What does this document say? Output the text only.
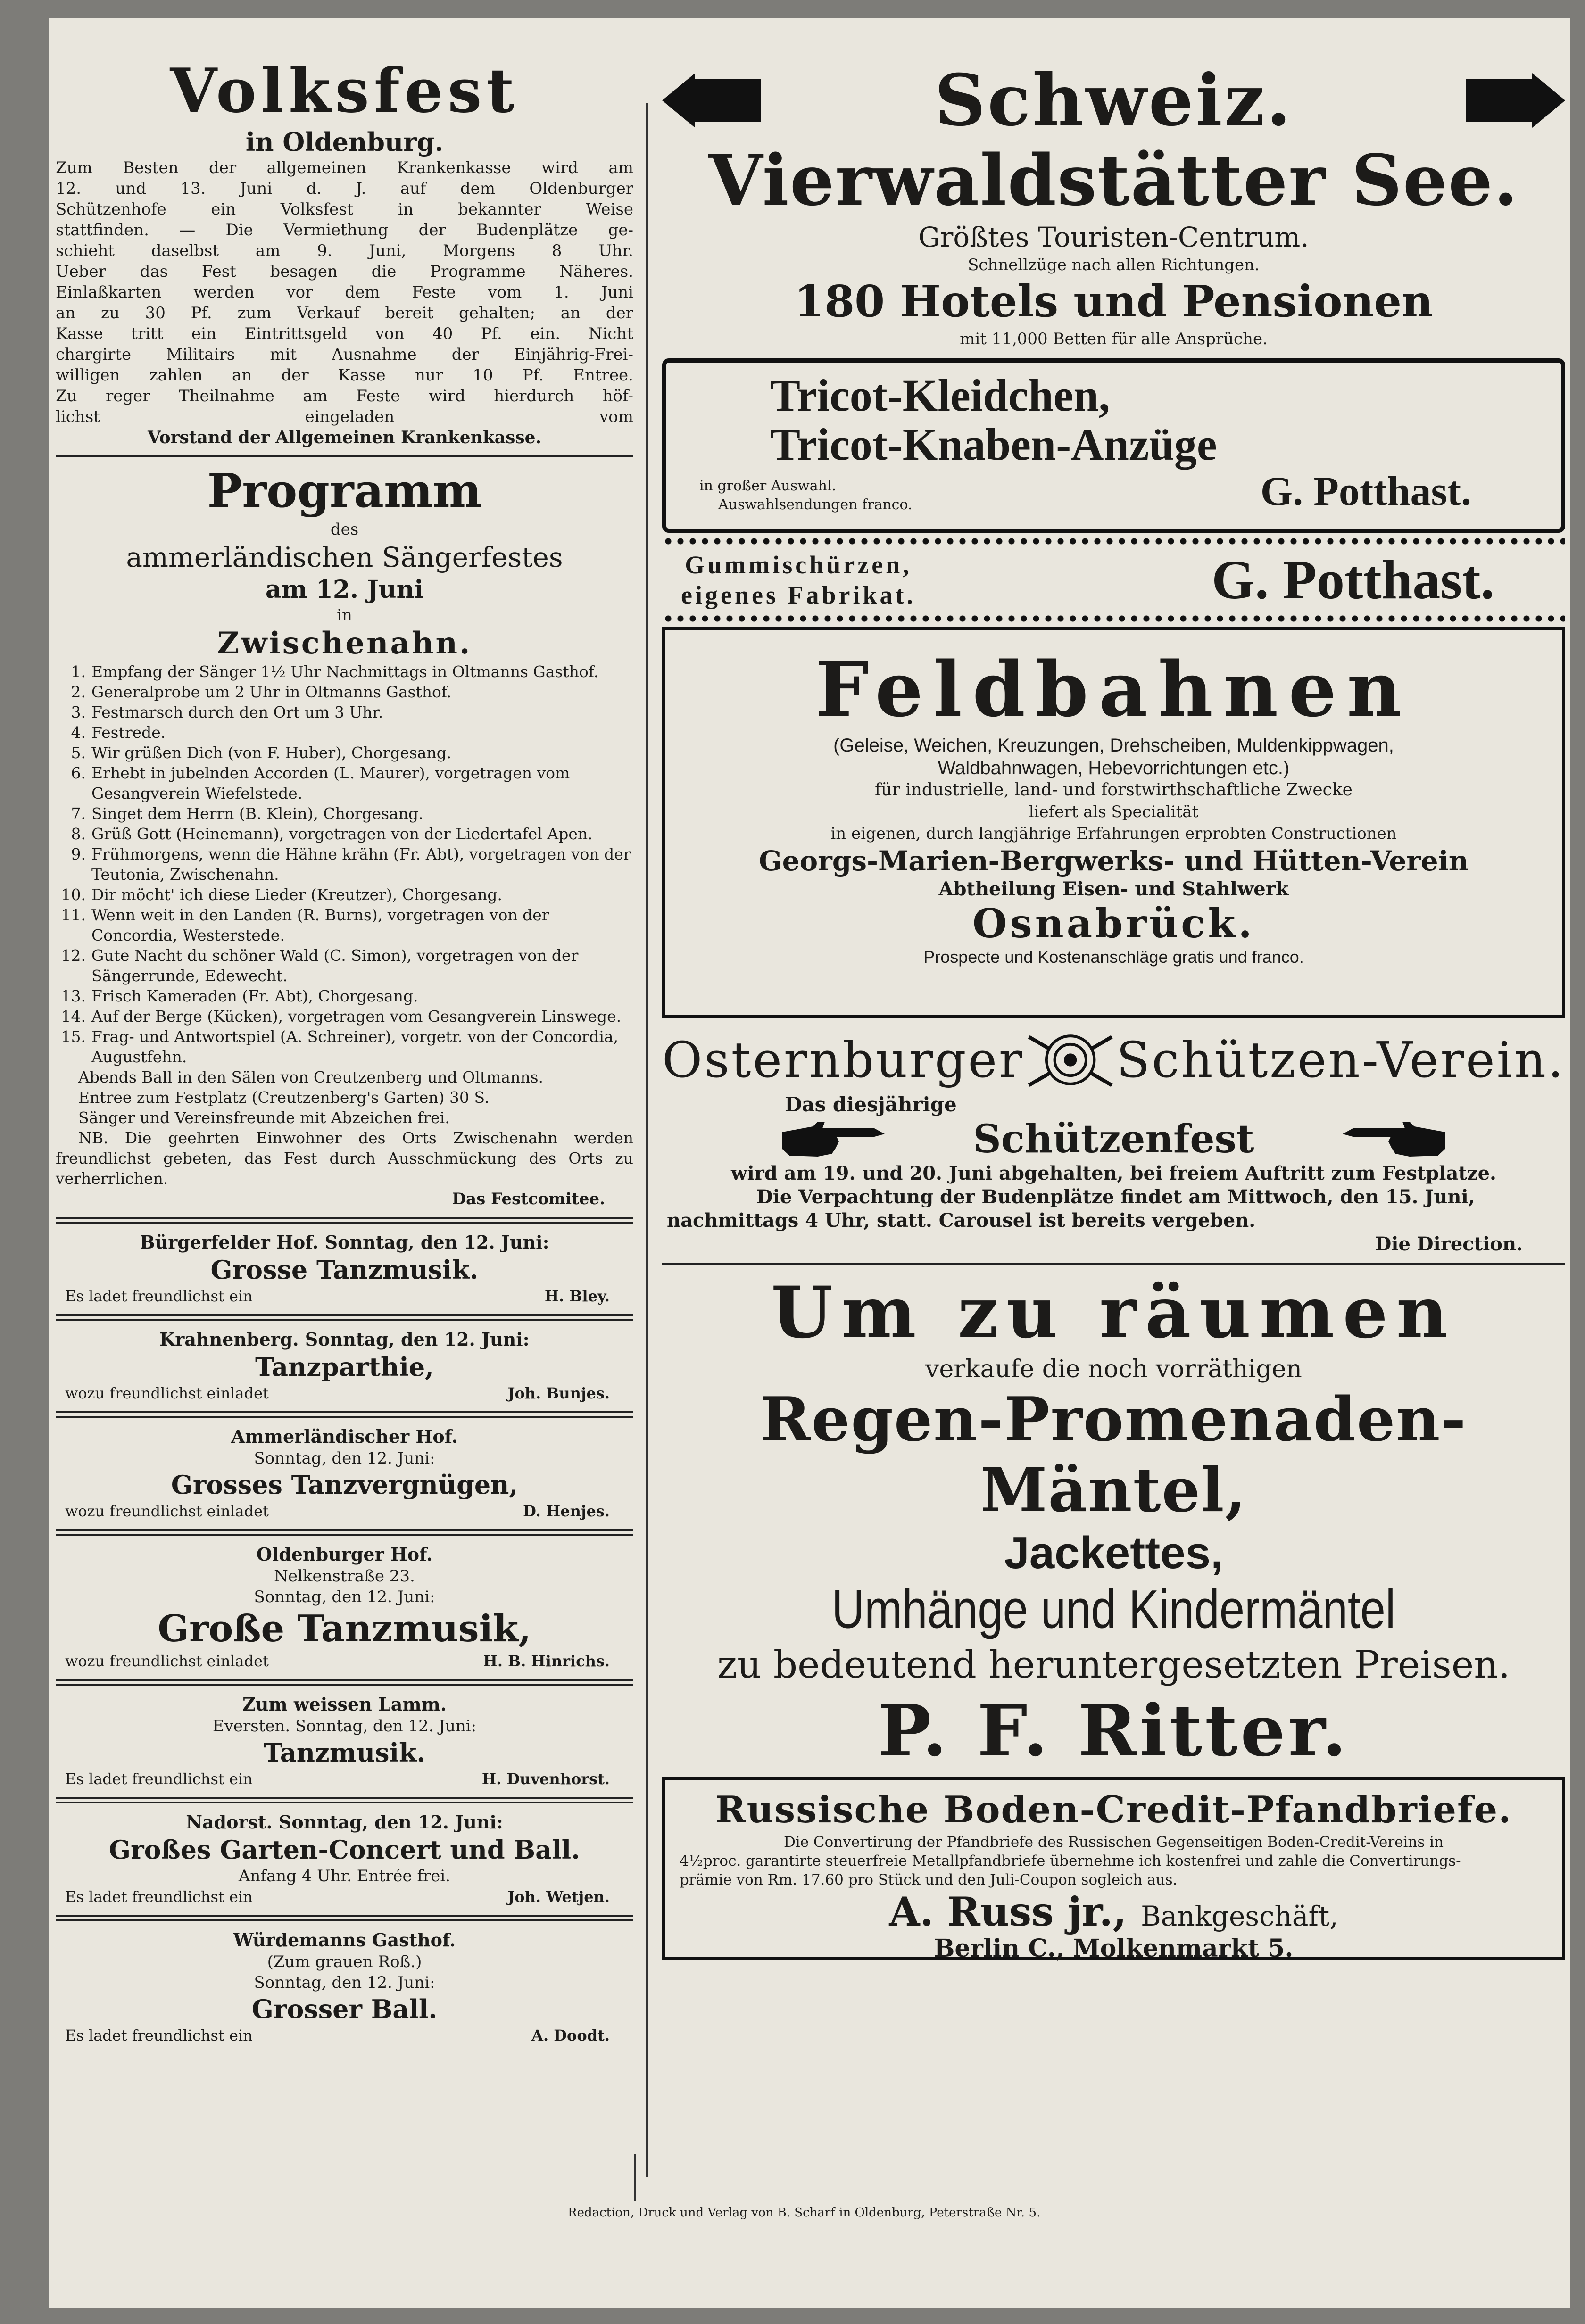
Volksfest
in Oldenburg.
Zum Besten der allgemeinen Krankenkasse wird am
12. und 13. Juni d. J. auf dem Oldenburger
Schützenhofe ein Volksfest in bekannter Weise
stattfinden. — Die Vermiethung der Budenplätze ge-
schieht daselbst am 9. Juni, Morgens 8 Uhr.
Ueber das Fest besagen die Programme Näheres.
Einlaßkarten werden vor dem Feste vom 1. Juni
an zu 30 Pf. zum Verkauf bereit gehalten; an der
Kasse tritt ein Eintrittsgeld von 40 Pf. ein. Nicht
chargirte Militairs mit Ausnahme der Einjährig-Frei-
willigen zahlen an der Kasse nur 10 Pf. Entree.
Zu reger Theilnahme am Feste wird hierdurch höf-
lichst eingeladen vom
Vorstand der Allgemeinen Krankenkasse.
Programm
des
ammerländischen Sängerfestes
am 12. Juni
in
Zwischenahn.
1. Empfang der Sänger 1½ Uhr Nachmittags in Oltmanns Gasthof.
2. Generalprobe um 2 Uhr in Oltmanns Gasthof.
3. Festmarsch durch den Ort um 3 Uhr.
4. Festrede.
5. Wir grüßen Dich (von F. Huber), Chorgesang.
6. Erhebt in jubelnden Accorden (L. Maurer), vorgetragen vom Gesangverein Wiefelstede.
7. Singet dem Herrn (B. Klein), Chorgesang.
8. Grüß Gott (Heinemann), vorgetragen von der Liedertafel Apen.
9. Frühmorgens, wenn die Hähne krähn (Fr. Abt), vorgetragen von der Teutonia, Zwischenahn.
10. Dir möcht' ich diese Lieder (Kreutzer), Chorgesang.
11. Wenn weit in den Landen (R. Burns), vorgetragen von der Concordia, Westerstede.
12. Gute Nacht du schöner Wald (C. Simon), vorgetragen von der Sängerrunde, Edewecht.
13. Frisch Kameraden (Fr. Abt), Chorgesang.
14. Auf der Berge (Kücken), vorgetragen vom Gesangverein Linswege.
15. Frag- und Antwortspiel (A. Schreiner), vorgetr. von der Concordia, Augustfehn.
Abends Ball in den Sälen von Creutzenberg und Oltmanns.
Entree zum Festplatz (Creutzenberg's Garten) 30 S.
Sänger und Vereinsfreunde mit Abzeichen frei.
NB. Die geehrten Einwohner des Orts Zwischenahn werden freundlichst gebeten, das Fest durch Ausschmückung des Orts zu verherrlichen.
Das Festcomitee.
Bürgerfelder Hof. Sonntag, den 12. Juni:
Grosse Tanzmusik.
Es ladet freundlichst ein	H. Bley.
Krahnenberg. Sonntag, den 12. Juni:
Tanzparthie,
wozu freundlichst einladet	Joh. Bunjes.
Ammerländischer Hof.
Sonntag, den 12. Juni:
Grosses Tanzvergnügen,
wozu freundlichst einladet	D. Henjes.
Oldenburger Hof.
Nelkenstraße 23.
Sonntag, den 12. Juni:
Große Tanzmusik,
wozu freundlichst einladet	H. B. Hinrichs.
Zum weissen Lamm.
Eversten. Sonntag, den 12. Juni:
Tanzmusik.
Es ladet freundlichst ein	H. Duvenhorst.
Nadorst. Sonntag, den 12. Juni:
Großes Garten-Concert und Ball.
Anfang 4 Uhr. Entrée frei.
Es ladet freundlichst ein	Joh. Wetjen.
Würdemanns Gasthof.
(Zum grauen Roß.)
Sonntag, den 12. Juni:
Grosser Ball.
Es ladet freundlichst ein	A. Doodt.
Schweiz.
Vierwaldstätter See.
Größtes Touristen-Centrum.
Schnellzüge nach allen Richtungen.
180 Hotels und Pensionen
mit 11,000 Betten für alle Ansprüche.
Tricot-Kleidchen,
Tricot-Knaben-Anzüge
in großer Auswahl.
Auswahlsendungen franco.	G. Potthast.
Gummischürzen,
eigenes Fabrikat.	G. Potthast.
Feldbahnen
(Geleise, Weichen, Kreuzungen, Drehscheiben, Muldenkippwagen,
Waldbahnwagen, Hebevorrichtungen etc.)
für industrielle, land- und forstwirthschaftliche Zwecke
liefert als Specialität
in eigenen, durch langjährige Erfahrungen erprobten Constructionen
Georgs-Marien-Bergwerks- und Hütten-Verein
Abtheilung Eisen- und Stahlwerk
Osnabrück.
Prospecte und Kostenanschläge gratis und franco.
Osternburger Schützen-Verein.
Das diesjährige
Schützenfest
wird am 19. und 20. Juni abgehalten, bei freiem Auftritt zum Festplatze.
Die Verpachtung der Budenplätze findet am Mittwoch, den 15. Juni,
nachmittags 4 Uhr, statt. Carousel ist bereits vergeben.
Die Direction.
Um zu räumen
verkaufe die noch vorräthigen
Regen-Promenaden-Mäntel,
Jackettes,
Umhänge und Kindermäntel
zu bedeutend heruntergesetzten Preisen.
P. F. Ritter.
Russische Boden-Credit-Pfandbriefe.
Die Convertirung der Pfandbriefe des Russischen Gegenseitigen Boden-Credit-Vereins in
4½proc. garantirte steuerfreie Metallpfandbriefe übernehme ich kostenfrei und zahle die Convertirungs-
prämie von Rm. 17.60 pro Stück und den Juli-Coupon sogleich aus.
A. Russ jr., Bankgeschäft,
Berlin C., Molkenmarkt 5.
Redaction, Druck und Verlag von B. Scharf in Oldenburg, Peterstraße Nr. 5.
